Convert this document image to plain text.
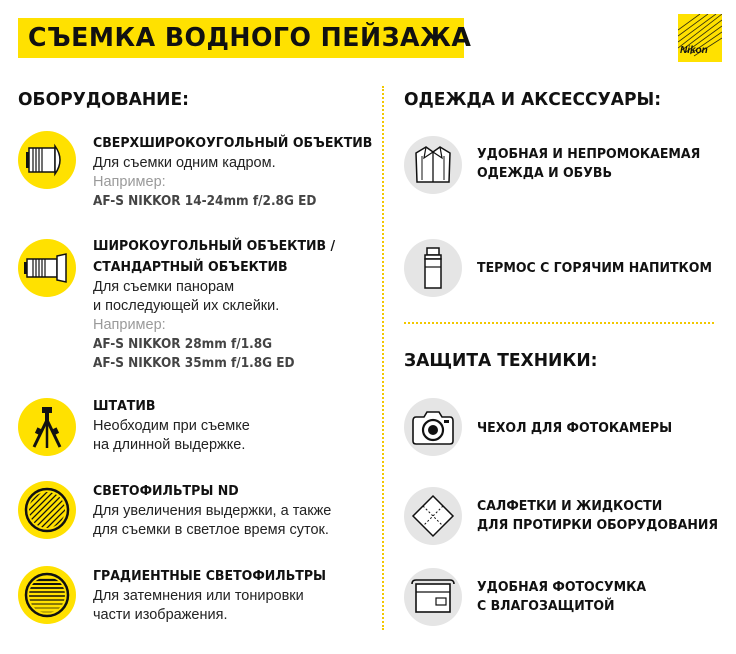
СЪЕМКА ВОДНОГО ПЕЙЗАЖА	Nikon
ОБОРУДОВАНИЕ:	ОДЕЖДА И АКСЕССУАРЫ:
ЗАЩИТА ТЕХНИКИ:
СВЕРХШИРОКОУГОЛЬНЫЙ ОБЪЕКТИВ
Для съемки одним кадром.
Например:
AF-S NIKKOR 14-24mm f/2.8G ED
ШИРОКОУГОЛЬНЫЙ ОБЪЕКТИВ /
СТАНДАРТНЫЙ ОБЪЕКТИВ
Для съемки панорам
и последующей их склейки.
Например:
AF-S NIKKOR 28mm f/1.8G
AF-S NIKKOR 35mm f/1.8G ED
ШТАТИВ
Необходим при съемке
на длинной выдержке.
СВЕТОФИЛЬТРЫ ND
Для увеличения выдержки, а также
для съемки в светлое время суток.
ГРАДИЕНТНЫЕ СВЕТОФИЛЬТРЫ
Для затемнения или тонировки
части изображения.
УДОБНАЯ И НЕПРОМОКАЕМАЯ
ОДЕЖДА И ОБУВЬ
ТЕРМОС С ГОРЯЧИМ НАПИТКОМ
ЧЕХОЛ ДЛЯ ФОТОКАМЕРЫ
САЛФЕТКИ И ЖИДКОСТИ
ДЛЯ ПРОТИРКИ ОБОРУДОВАНИЯ
УДОБНАЯ ФОТОСУМКА
С ВЛАГОЗАЩИТОЙ
